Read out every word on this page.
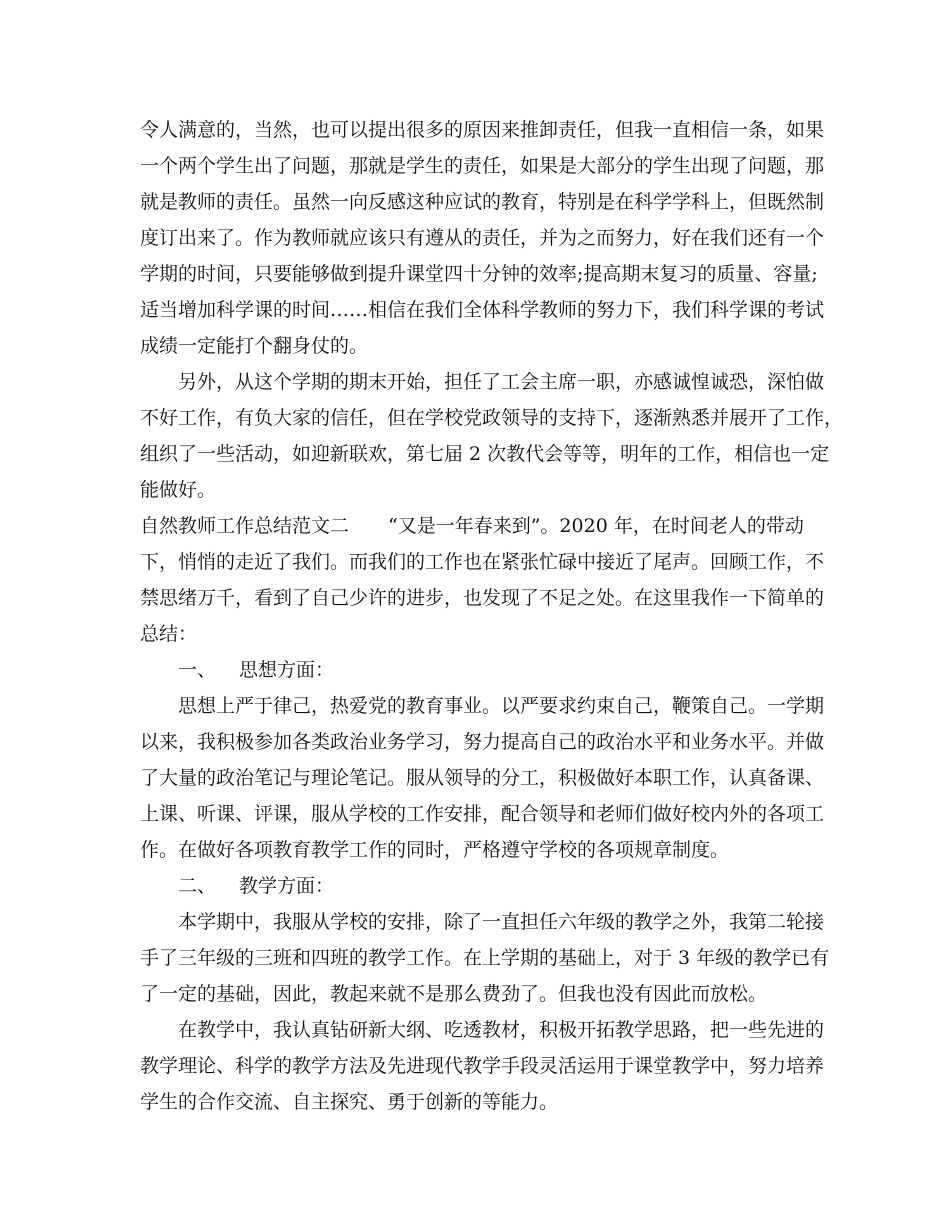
令人满意的，当然，也可以提出很多的原因来推卸责任，但我一直相信一条，如果
一个两个学生出了问题，那就是学生的责任，如果是大部分的学生出现了问题，那
就是教师的责任。虽然一向反感这种应试的教育，特别是在科学学科上，但既然制
度订出来了。作为教师就应该只有遵从的责任，并为之而努力，好在我们还有一个
学期的时间，只要能够做到提升课堂四十分钟的效率;提高期末复习的质量、容量;
适当增加科学课的时间……相信在我们全体科学教师的努力下，我们科学课的考试
成绩一定能打个翻身仗的。
另外，从这个学期的期末开始，担任了工会主席一职，亦感诚惶诚恐，深怕做
不好工作，有负大家的信任，但在学校党政领导的支持下，逐渐熟悉并展开了工作，
组织了一些活动，如迎新联欢，第七届 2 次教代会等等，明年的工作，相信也一定
能做好。

自然教师工作总结范文二

“又是一年春来到”。2020 年，在时间老人的带动

下，悄悄的走近了我们。而我们的工作也在紧张忙碌中接近了尾声。回顾工作，不
禁思绪万千，看到了自己少许的进步，也发现了不足之处。在这里我作一下简单的
总结：

一、

思想方面：

思想上严于律己，热爱党的教育事业。以严要求约束自己，鞭策自己。一学期
以来，我积极参加各类政治业务学习，努力提高自己的政治水平和业务水平。并做
了大量的政治笔记与理论笔记。服从领导的分工，积极做好本职工作，认真备课、
上课、听课、评课，服从学校的工作安排，配合领导和老师们做好校内外的各项工
作。在做好各项教育教学工作的同时，严格遵守学校的各项规章制度。

二、

教学方面：

本学期中，我服从学校的安排，除了一直担任六年级的教学之外，我第二轮接
手了三年级的三班和四班的教学工作。在上学期的基础上，对于 3 年级的教学已有
了一定的基础，因此，教起来就不是那么费劲了。但我也没有因此而放松。
在教学中，我认真钻研新大纲、吃透教材，积极开拓教学思路，把一些先进的
教学理论、科学的教学方法及先进现代教学手段灵活运用于课堂教学中，努力培养
学生的合作交流、自主探究、勇于创新的等能力。
